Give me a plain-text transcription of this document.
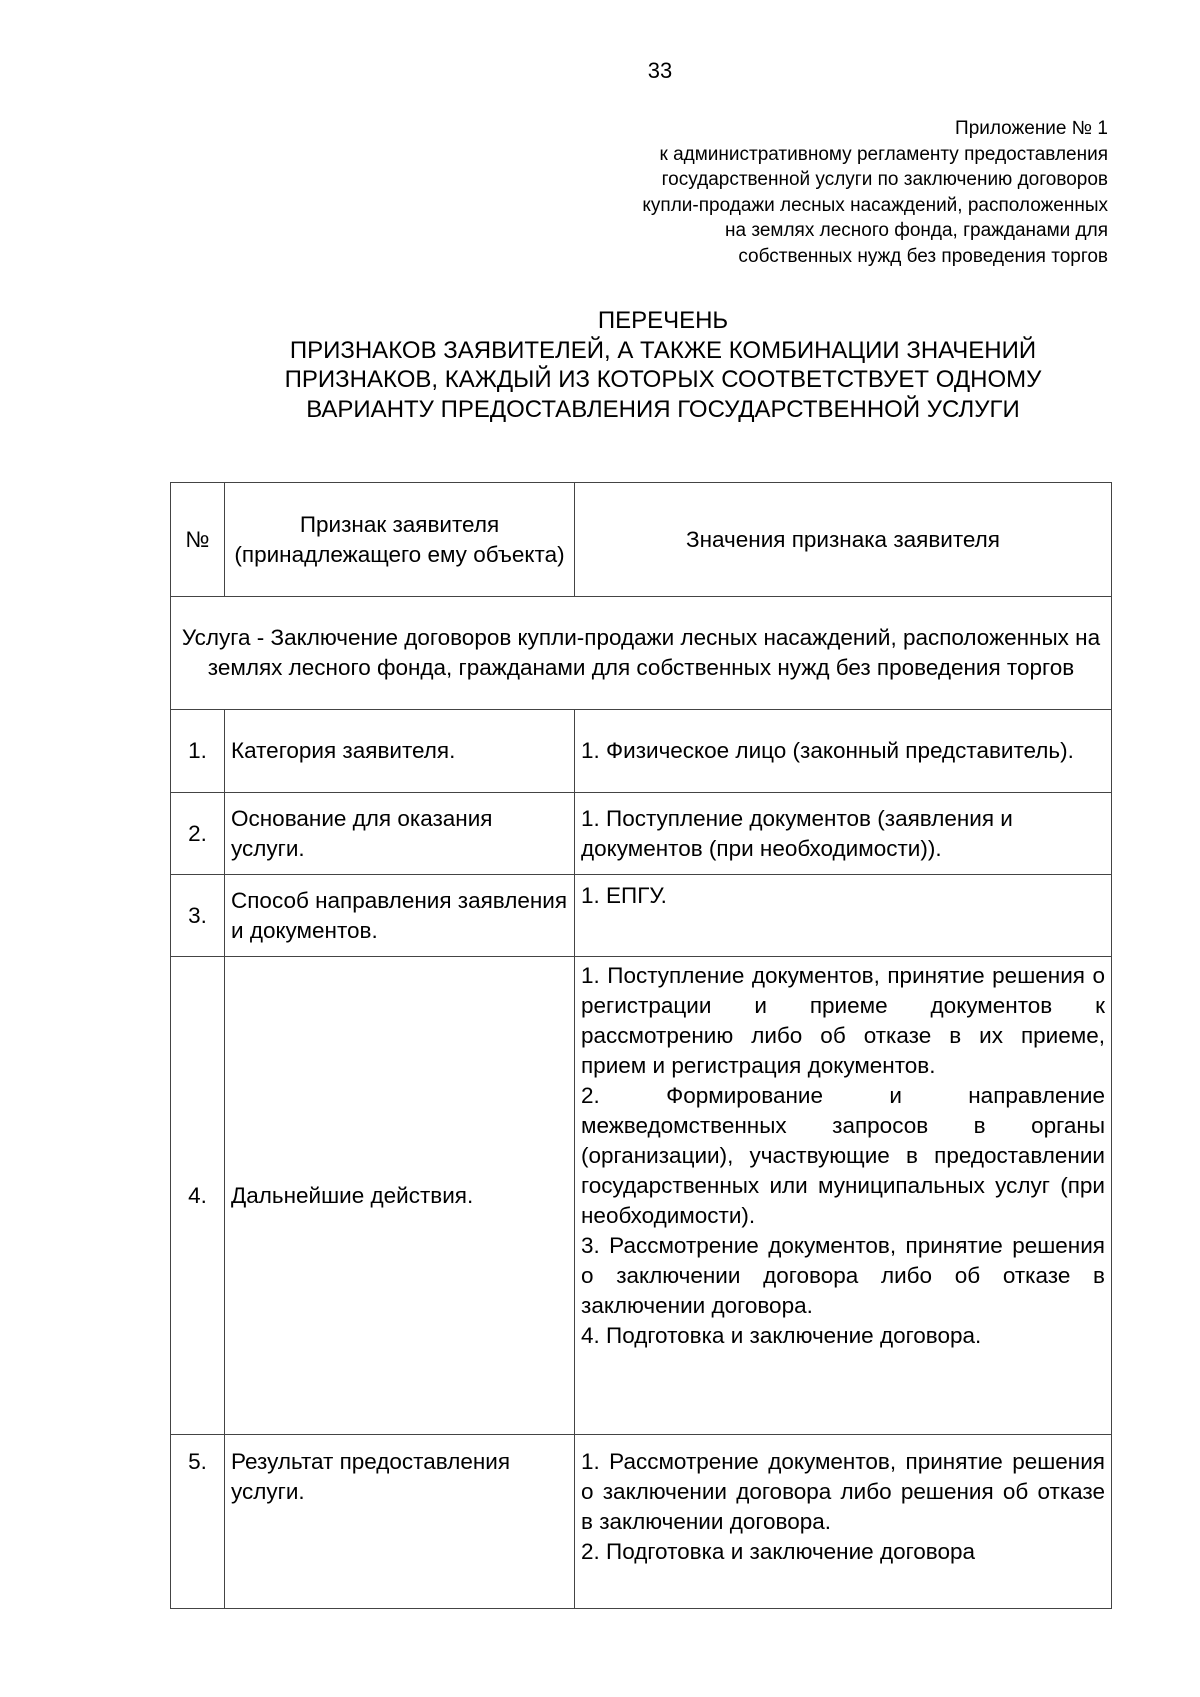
33
Приложение № 1
к административному регламенту предоставления
государственной услуги по заключению договоров
купли-продажи лесных насаждений, расположенных
на землях лесного фонда, гражданами для
собственных нужд без проведения торгов
ПЕРЕЧЕНЬ
ПРИЗНАКОВ ЗАЯВИТЕЛЕЙ, А ТАКЖЕ КОМБИНАЦИИ ЗНАЧЕНИЙ
ПРИЗНАКОВ, КАЖДЫЙ ИЗ КОТОРЫХ СООТВЕТСТВУЕТ ОДНОМУ
ВАРИАНТУ ПРЕДОСТАВЛЕНИЯ ГОСУДАРСТВЕННОЙ УСЛУГИ
№	Признак заявителя (принадлежащего ему объекта)	Значения признака заявителя
Услуга - Заключение договоров купли-продажи лесных насаждений, расположенных на землях лесного фонда, гражданами для собственных нужд без проведения торгов		
1.	Категория заявителя.	1. Физическое лицо (законный представитель).

2.	Основание для оказания услуги.	1. Поступление документов (заявления и документов (при необходимости)).

3.	Способ направления заявления и документов.	1. ЕПГУ.

4.	Дальнейшие действия.	1. Поступление документов, принятие решения о регистрации и приеме документов к рассмотрению либо об отказе в их приеме, прием и регистрация документов.
2. Формирование и направление межведомственных запросов в органы (организации), участвующие в предоставлении государственных или муниципальных услуг (при необходимости).
3. Рассмотрение документов, принятие решения о заключении договора либо об отказе в заключении договора.
4. Подготовка и заключение договора.

5.	Результат предоставления услуги.	1. Рассмотрение документов, принятие решения о заключении договора либо решения об отказе в заключении договора.
2. Подготовка и заключение договора
